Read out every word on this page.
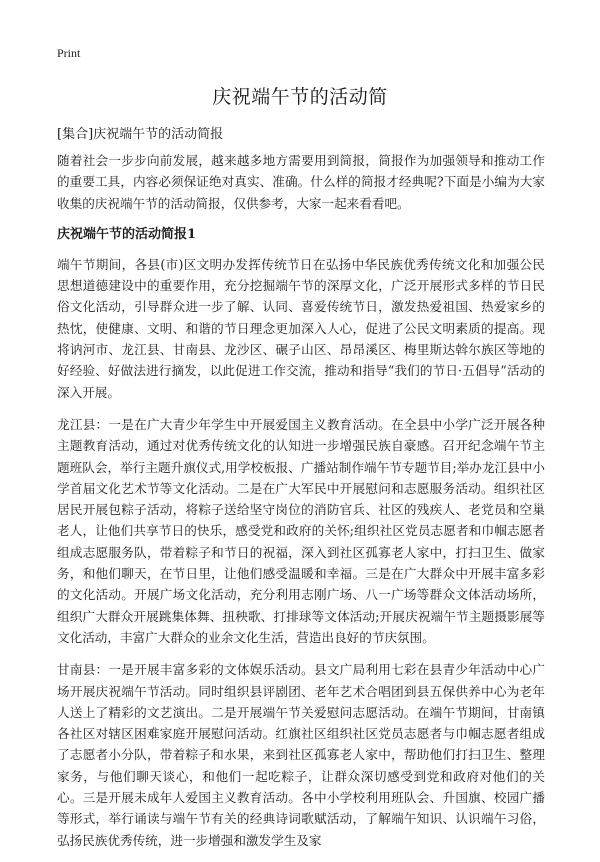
Print
庆祝端午节的活动简
[集合]庆祝端午节的活动简报

随着社会一步步向前发展，越来越多地方需要用到简报，简报作为加强领导和推动工作的重要工具，内容必须保证绝对真实、准确。什么样的简报才经典呢?下面是小编为大家收集的庆祝端午节的活动简报，仅供参考，大家一起来看看吧。

庆祝端午节的活动简报1

端午节期间，各县(市)区文明办发挥传统节日在弘扬中华民族优秀传统文化和加强公民思想道德建设中的重要作用，充分挖掘端午节的深厚文化，广泛开展形式多样的节日民俗文化活动，引导群众进一步了解、认同、喜爱传统节日，激发热爱祖国、热爱家乡的热忱，使健康、文明、和谐的节日理念更加深入人心，促进了公民文明素质的提高。现将讷河市、龙江县、甘南县、龙沙区、碾子山区、昂昂溪区、梅里斯达斡尔族区等地的好经验、好做法进行摘发，以此促进工作交流，推动和指导“我们的节日·五倡导”活动的深入开展。

龙江县：一是在广大青少年学生中开展爱国主义教育活动。在全县中小学广泛开展各种主题教育活动，通过对优秀传统文化的认知进一步增强民族自豪感。召开纪念端午节主题班队会，举行主题升旗仪式,用学校板报、广播站制作端午节专题节目;举办龙江县中小学首届文化艺术节等文化活动。二是在广大军民中开展慰问和志愿服务活动。组织社区居民开展包粽子活动，将粽子送给坚守岗位的消防官兵、社区的残疾人、老党员和空巢老人，让他们共享节日的快乐，感受党和政府的关怀;组织社区党员志愿者和巾帼志愿者组成志愿服务队，带着粽子和节日的祝福，深入到社区孤寡老人家中，打扫卫生、做家务，和他们聊天，在节日里，让他们感受温暖和幸福。三是在广大群众中开展丰富多彩的文化活动。开展广场文化活动，充分利用志刚广场、八一广场等群众文体活动场所，组织广大群众开展跳集体舞、扭秧歌、打排球等文体活动;开展庆祝端午节主题摄影展等文化活动，丰富广大群众的业余文化生活，营造出良好的节庆氛围。

甘南县：一是开展丰富多彩的文体娱乐活动。县文广局利用七彩在县青少年活动中心广场开展庆祝端午节活动。同时组织县评剧团、老年艺术合唱团到县五保供养中心为老年人送上了精彩的文艺演出。二是开展端午节关爱慰问志愿活动。在端午节期间，甘南镇各社区对辖区困难家庭开展慰问活动。红旗社区组织社区党员志愿者与巾帼志愿者组成了志愿者小分队，带着粽子和水果，来到社区孤寡老人家中，帮助他们打扫卫生、整理家务，与他们聊天谈心，和他们一起吃粽子，让群众深切感受到党和政府对他们的关心。三是开展未成年人爱国主义教育活动。各中小学校利用班队会、升国旗、校园广播等形式，举行诵读与端午节有关的经典诗词歌赋活动，了解端午知识、认识端午习俗，弘扬民族优秀传统，进一步增强和激发学生及家
